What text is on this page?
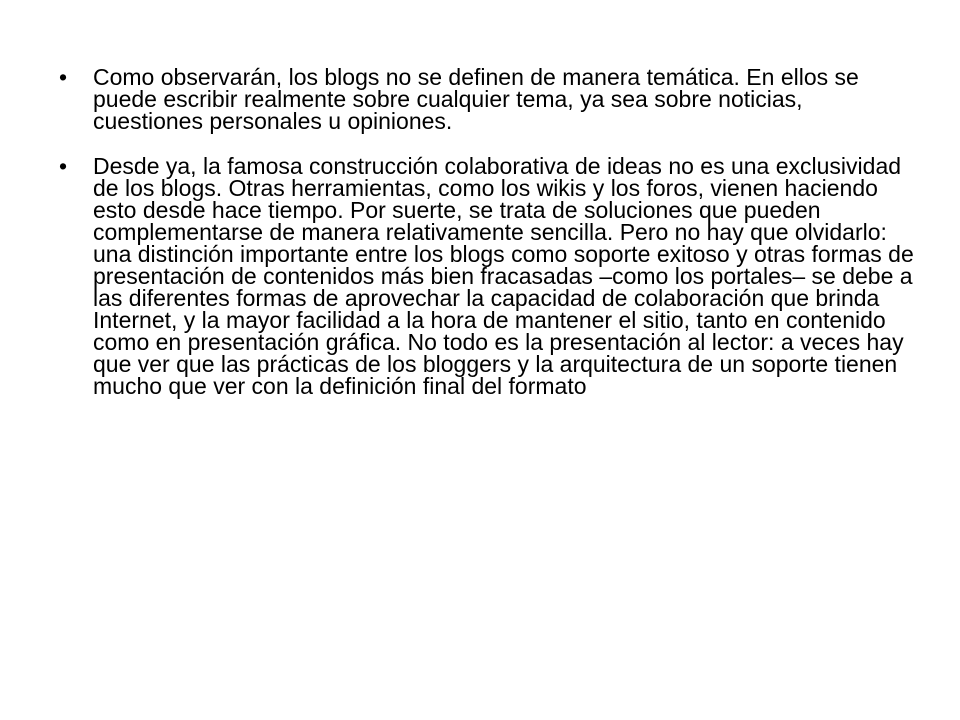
•	Como observarán, los blogs no se definen de manera temática. En ellos se puede escribir realmente sobre cualquier tema, ya sea sobre noticias, cuestiones personales u opiniones.
•	Desde ya, la famosa construcción colaborativa de ideas no es una exclusividad de los blogs. Otras herramientas, como los wikis y los foros, vienen haciendo esto desde hace tiempo. Por suerte, se trata de soluciones que pueden complementarse de manera relativamente sencilla. Pero no hay que olvidarlo: una distinción importante entre los blogs como soporte exitoso y otras formas de presentación de contenidos más bien fracasadas –como los portales– se debe a las diferentes formas de aprovechar la capacidad de colaboración que brinda Internet, y la mayor facilidad a la hora de mantener el sitio, tanto en contenido como en presentación gráfica. No todo es la presentación al lector: a veces hay que ver que las prácticas de los bloggers y la arquitectura de un soporte tienen mucho que ver con la definición final del formato
